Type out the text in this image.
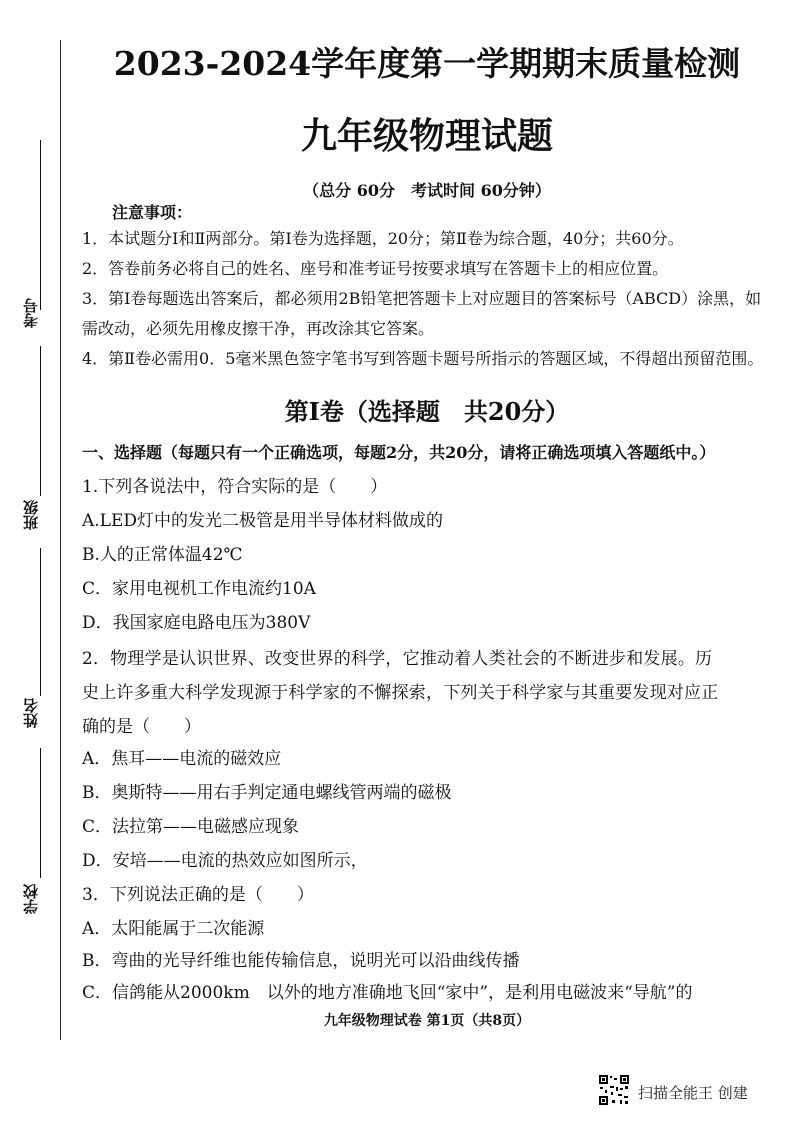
考号
班级
姓名
学校
2023-2024学年度第一学期期末质量检测
九年级物理试题
（总分 60分　考试时间 60分钟）
注意事项：
1．本试题分Ⅰ和Ⅱ两部分。第Ⅰ卷为选择题，20分；第Ⅱ卷为综合题，40分；共60分。
2．答卷前务必将自己的姓名、座号和准考证号按要求填写在答题卡上的相应位置。
3．第Ⅰ卷每题选出答案后，都必须用2B铅笔把答题卡上对应题目的答案标号（ABCD）涂黑，如
需改动，必须先用橡皮擦干净，再改涂其它答案。
4．第Ⅱ卷必需用0．5毫米黑色签字笔书写到答题卡题号所指示的答题区域，不得超出预留范围。
第Ⅰ卷（选择题　共20分）
一、选择题（每题只有一个正确选项，每题2分，共20分，请将正确选项填入答题纸中。）
1.下列各说法中，符合实际的是（　　）
A.LED灯中的发光二极管是用半导体材料做成的
B.人的正常体温42℃
C．家用电视机工作电流约10A
D．我国家庭电路电压为380V
2．物理学是认识世界、改变世界的科学，它推动着人类社会的不断进步和发展。历
史上许多重大科学发现源于科学家的不懈探索，下列关于科学家与其重要发现对应正
确的是（　　）
A．焦耳——电流的磁效应
B．奥斯特——用右手判定通电螺线管两端的磁极
C．法拉第——电磁感应现象
D．安培——电流的热效应如图所示，
3．下列说法正确的是（　　）
A．太阳能属于二次能源
B．弯曲的光导纤维也能传输信息，说明光可以沿曲线传播
C．信鸽能从2000km　以外的地方准确地飞回“家中”，是利用电磁波来“导航”的
九年级物理试卷 第1页（共8页）
扫描全能王 创建
